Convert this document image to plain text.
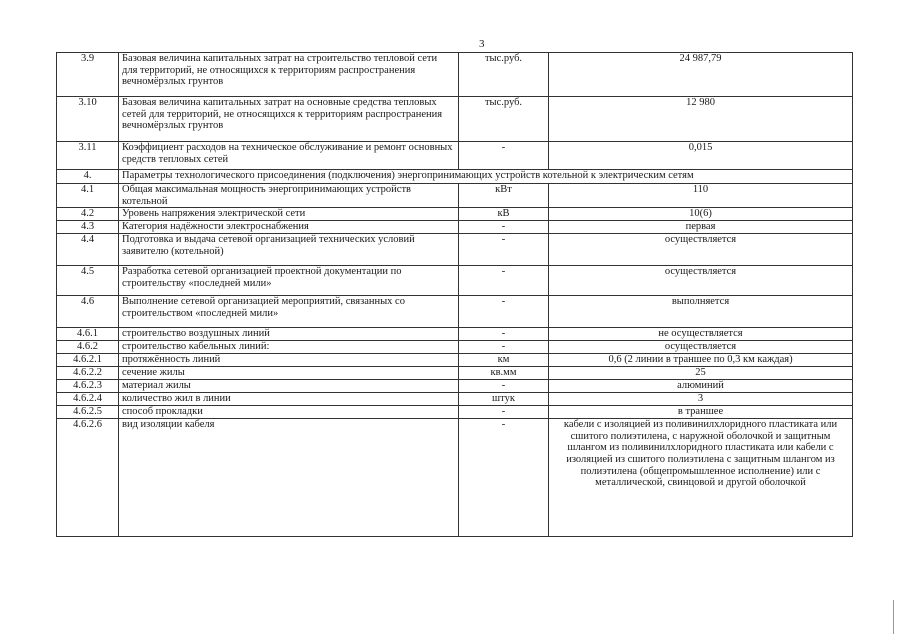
3
3.9	Базовая величина капитальных затрат на строительство тепловой сети для территорий, не относящихся к территориям распространения вечномёрзлых грунтов	тыс.руб.	24 987,79
3.10	Базовая величина капитальных затрат на основные средства тепловых сетей для территорий, не относящихся к территориям распространения вечномёрзлых грунтов	тыс.руб.	12 980
3.11	Коэффициент расходов на техническое обслуживание и ремонт основных средств тепловых сетей	-	0,015
4.	Параметры технологического присоединения (подключения) энергопринимающих устройств котельной к электрическим сетям		
4.1	Общая максимальная мощность энергопринимающих устройств котельной	кВт	110
4.2	Уровень напряжения электрической сети	кВ	10(6)
4.3	Категория надёжности электроснабжения	-	первая
4.4	Подготовка и выдача сетевой организацией технических условий заявителю (котельной)	-	осуществляется
4.5	Разработка сетевой организацией проектной документации по строительству «последней мили»	-	осуществляется
4.6	Выполнение сетевой организацией мероприятий, связанных со строительством «последней мили»	-	выполняется
4.6.1	строительство воздушных линий	-	не осуществляется
4.6.2	строительство кабельных линий:	-	осуществляется
4.6.2.1	протяжённость линий	км	0,6 (2 линии в траншее по 0,3 км каждая)
4.6.2.2	сечение жилы	кв.мм	25
4.6.2.3	материал жилы	-	алюминий
4.6.2.4	количество жил в линии	штук	3
4.6.2.5	способ прокладки	-	в траншее
4.6.2.6	вид изоляции кабеля	-	кабели с изоляцией из поливинилхлоридного пластиката или сшитого полиэтилена, с наружной оболочкой и защитным шлангом из поливинилхлоридного пластиката или кабели с изоляцией из сшитого полиэтилена с защитным шлангом из полиэтилена (общепромышленное исполнение) или с металлической, свинцовой и другой оболочкой
